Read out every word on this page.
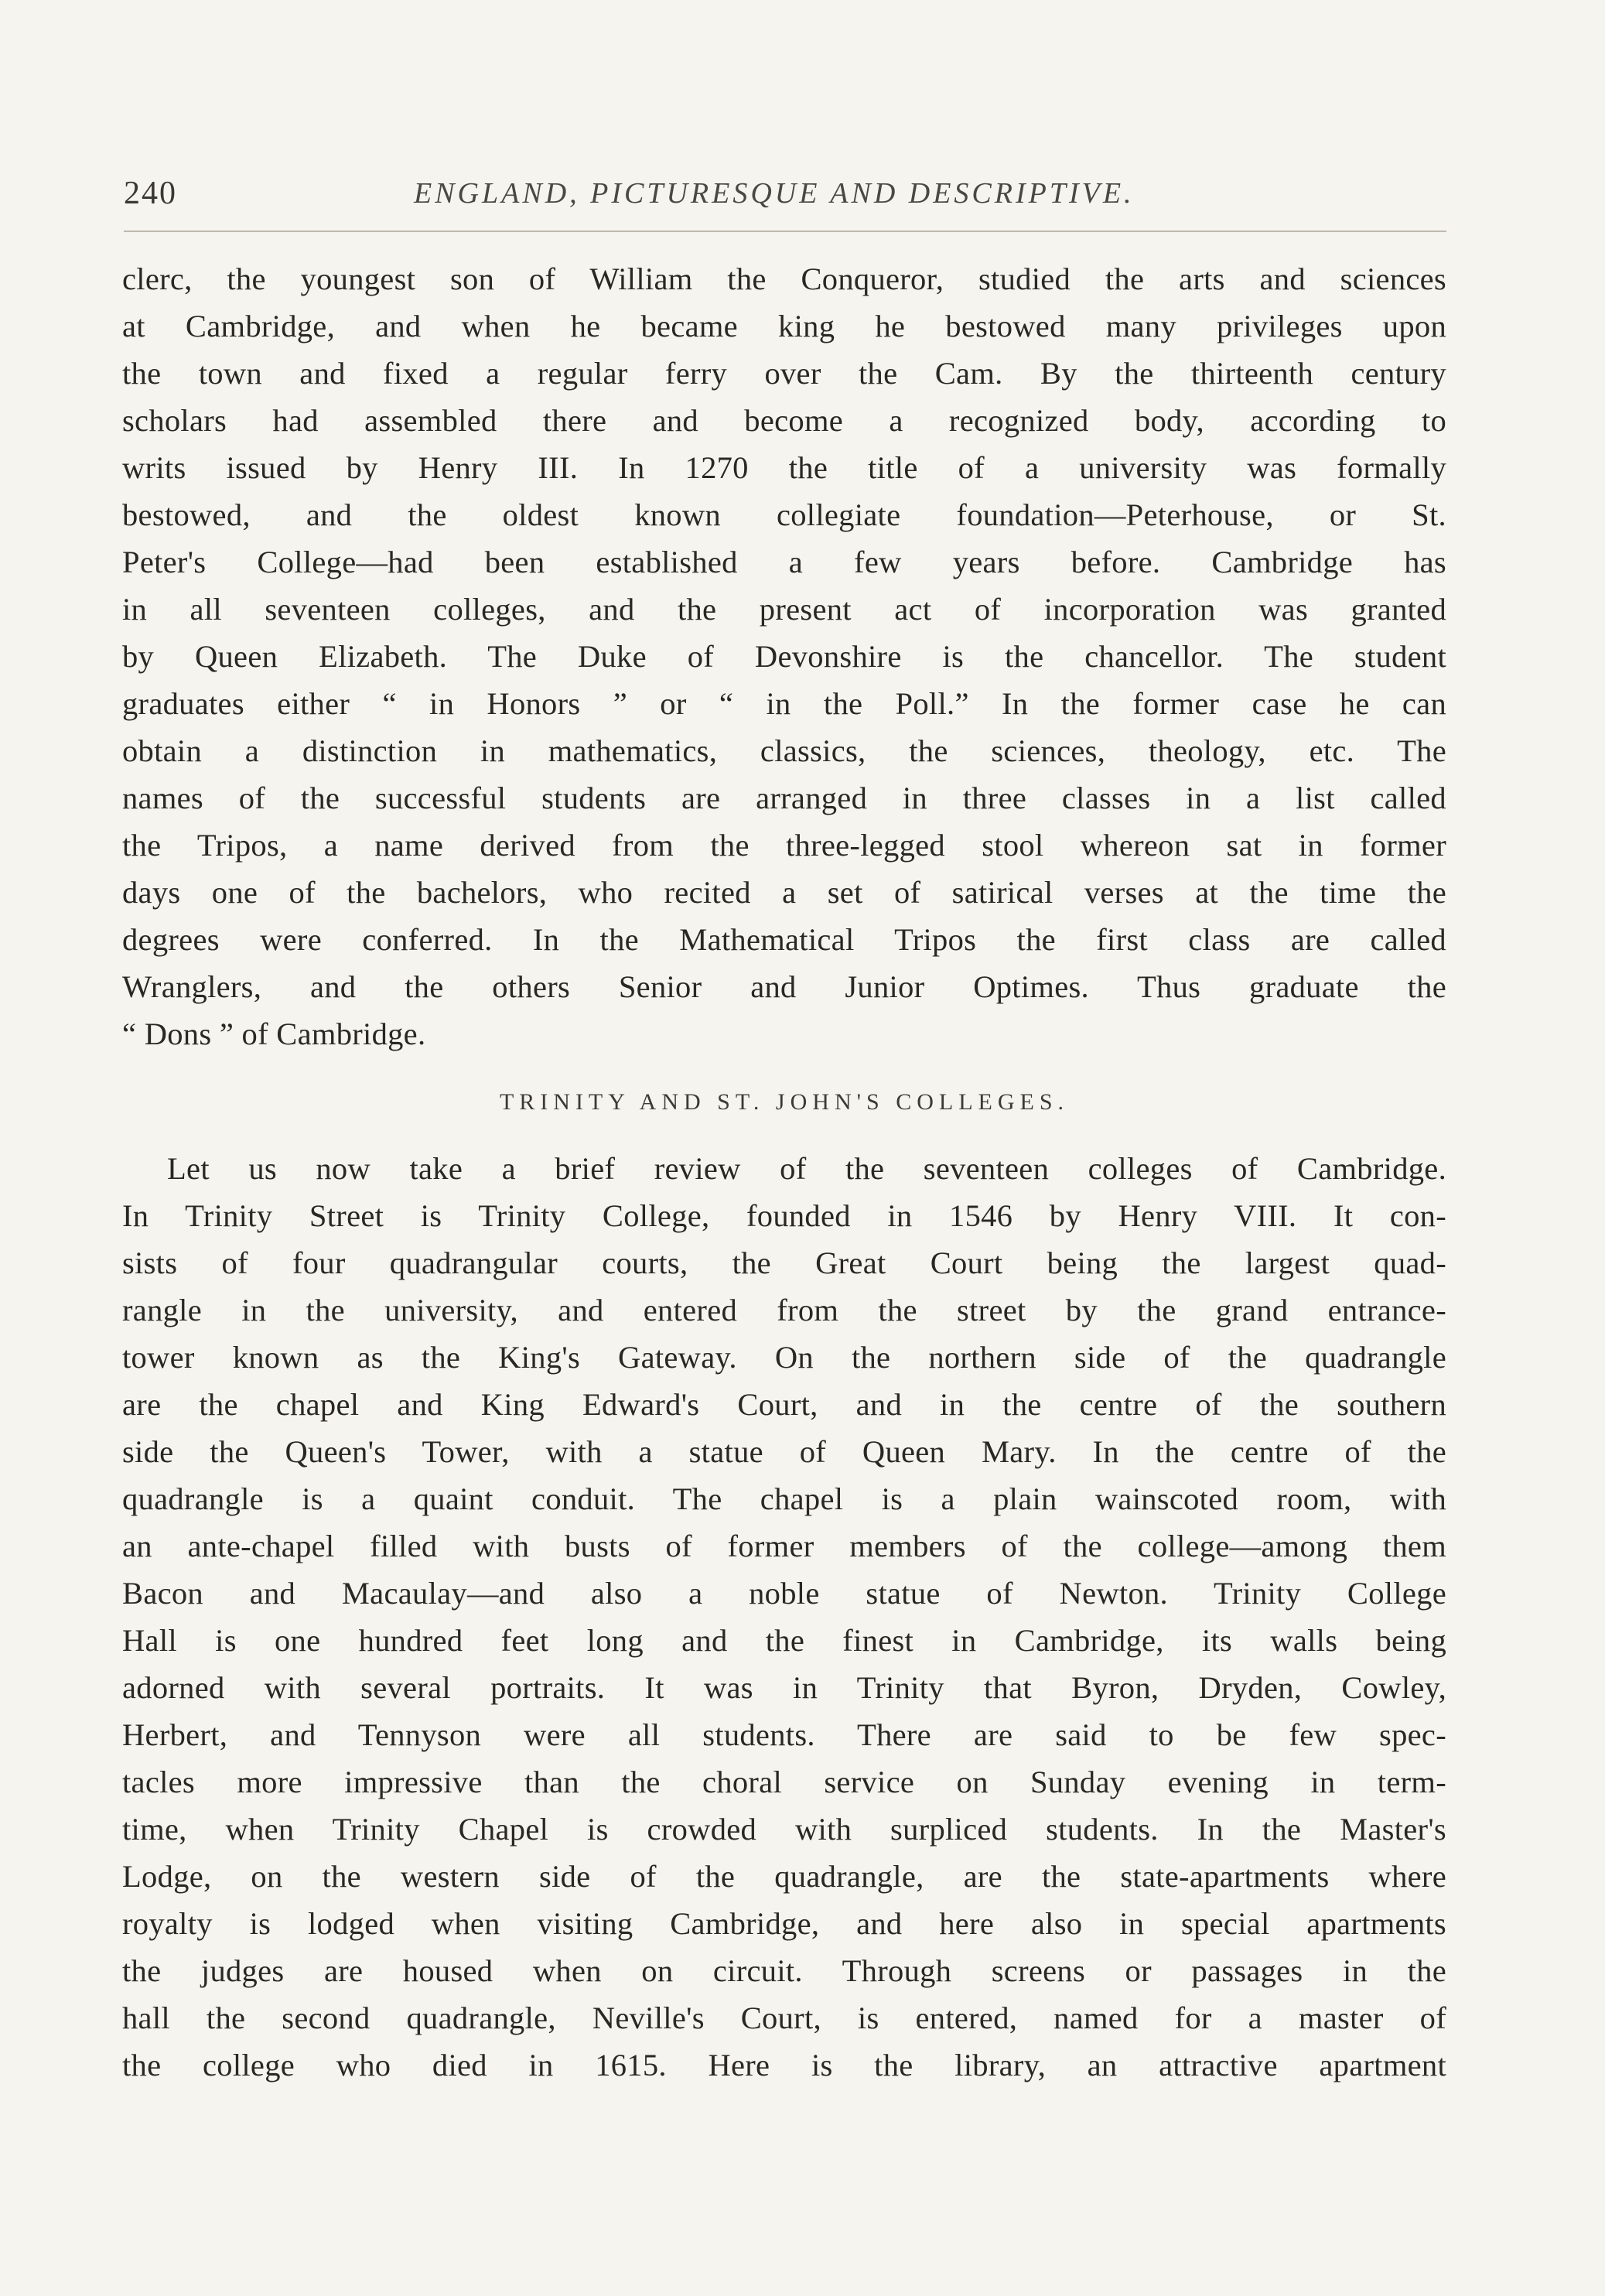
240	ENGLAND, PICTURESQUE AND DESCRIPTIVE.
clerc, the youngest son of William the Conqueror, studied the arts and sciences
at Cambridge, and when he became king he bestowed many privileges upon
the town and fixed a regular ferry over the Cam. By the thirteenth century
scholars had assembled there and become a recognized body, according to
writs issued by Henry III. In 1270 the title of a university was formally
bestowed, and the oldest known collegiate foundation—Peterhouse, or St.
Peter's College—had been established a few years before. Cambridge has
in all seventeen colleges, and the present act of incorporation was granted
by Queen Elizabeth. The Duke of Devonshire is the chancellor. The student
graduates either “ in Honors ” or “ in the Poll.” In the former case he can
obtain a distinction in mathematics, classics, the sciences, theology, etc. The
names of the successful students are arranged in three classes in a list called
the Tripos, a name derived from the three-legged stool whereon sat in former
days one of the bachelors, who recited a set of satirical verses at the time the
degrees were conferred. In the Mathematical Tripos the first class are called
Wranglers, and the others Senior and Junior Optimes. Thus graduate the
“ Dons ” of Cambridge.
TRINITY AND ST. JOHN'S COLLEGES.
Let us now take a brief review of the seventeen colleges of Cambridge.
In Trinity Street is Trinity College, founded in 1546 by Henry VIII. It con-
sists of four quadrangular courts, the Great Court being the largest quad-
rangle in the university, and entered from the street by the grand entrance-
tower known as the King's Gateway. On the northern side of the quadrangle
are the chapel and King Edward's Court, and in the centre of the southern
side the Queen's Tower, with a statue of Queen Mary. In the centre of the
quadrangle is a quaint conduit. The chapel is a plain wainscoted room, with
an ante-chapel filled with busts of former members of the college—among them
Bacon and Macaulay—and also a noble statue of Newton. Trinity College
Hall is one hundred feet long and the finest in Cambridge, its walls being
adorned with several portraits. It was in Trinity that Byron, Dryden, Cowley,
Herbert, and Tennyson were all students. There are said to be few spec-
tacles more impressive than the choral service on Sunday evening in term-
time, when Trinity Chapel is crowded with surpliced students. In the Master's
Lodge, on the western side of the quadrangle, are the state-apartments where
royalty is lodged when visiting Cambridge, and here also in special apartments
the judges are housed when on circuit. Through screens or passages in the
hall the second quadrangle, Neville's Court, is entered, named for a master of
the college who died in 1615. Here is the library, an attractive apartment
